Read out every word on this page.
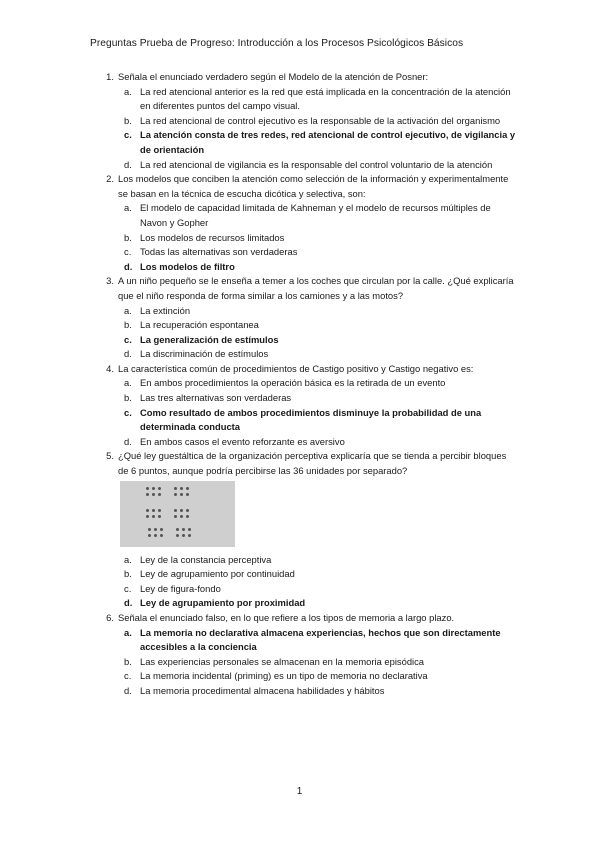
Preguntas Prueba de Progreso: Introducción a los Procesos Psicológicos Básicos
1. Señala el enunciado verdadero según el Modelo de la atención de Posner:
a. La red atencional anterior es la red que está implicada en la concentración de la atención en diferentes puntos del campo visual.
b. La red atencional de control ejecutivo es la responsable de la activación del organismo
c. La atención consta de tres redes, red atencional de control ejecutivo, de vigilancia y de orientación
d. La red atencional de vigilancia es la responsable del control voluntario de la atención
2. Los modelos que conciben la atención como selección de la información y experimentalmente se basan en la técnica de escucha dicótica y selectiva, son:
a. El modelo de capacidad limitada de Kahneman y el modelo de recursos múltiples de Navon y Gopher
b. Los modelos de recursos limitados
c. Todas las alternativas son verdaderas
d. Los modelos de filtro
3. A un niño pequeño se le enseña a temer a los coches que circulan por la calle. ¿Qué explicaría que el niño responda de forma similar a los camiones y a las motos?
a. La extinción
b. La recuperación espontanea
c. La generalización de estímulos
d. La discriminación de estímulos
4. La característica común de procedimientos de Castigo positivo y Castigo negativo es:
a. En ambos procedimientos la operación básica es la retirada de un evento
b. Las tres alternativas son verdaderas
c. Como resultado de ambos procedimientos disminuye la probabilidad de una determinada conducta
d. En ambos casos el evento reforzante es aversivo
5. ¿Qué ley guestáltica de la organización perceptiva explicaría que se tienda a percibir bloques de 6 puntos, aunque podría percibirse las 36 unidades por separado?
a. Ley de la constancia perceptiva
b. Ley de agrupamiento por continuidad
c. Ley de figura-fondo
d. Ley de agrupamiento por proximidad
6. Señala el enunciado falso, en lo que refiere a los tipos de memoria a largo plazo.
a. La memoria no declarativa almacena experiencias, hechos que son directamente accesibles a la conciencia
b. Las experiencias personales se almacenan en la memoria episódica
c. La memoria incidental (priming) es un tipo de memoria no declarativa
d. La memoria procedimental almacena habilidades y hábitos
1
